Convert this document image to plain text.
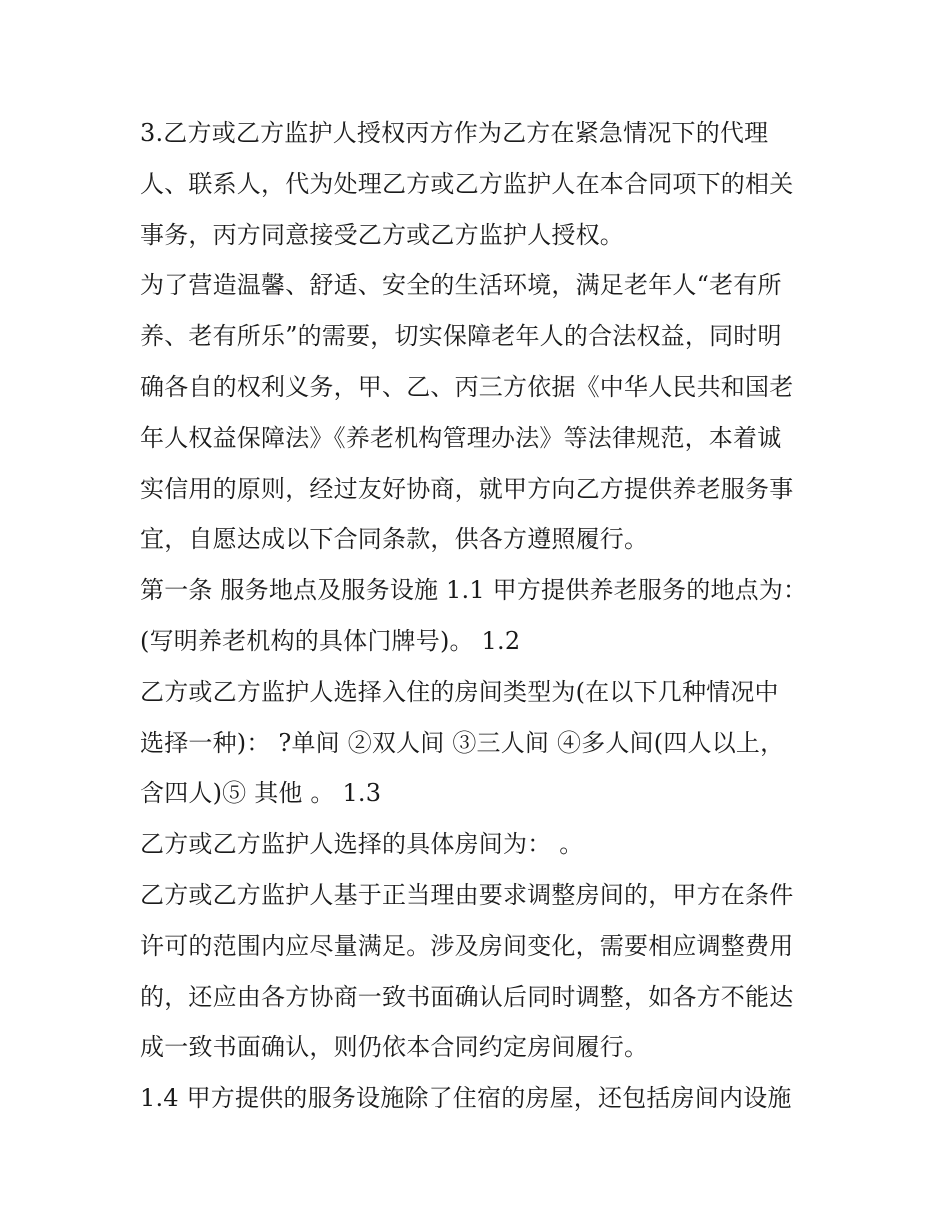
3.乙方或乙方监护人授权丙方作为乙方在紧急情况下的代理
人、联系人，代为处理乙方或乙方监护人在本合同项下的相关
事务，丙方同意接受乙方或乙方监护人授权。
为了营造温馨、舒适、安全的生活环境，满足老年人“老有所
养、老有所乐”的需要，切实保障老年人的合法权益，同时明
确各自的权利义务，甲、乙、丙三方依据《中华人民共和国老
年人权益保障法》《养老机构管理办法》等法律规范，本着诚
实信用的原则，经过友好协商，就甲方向乙方提供养老服务事
宜，自愿达成以下合同条款，供各方遵照履行。
第一条 服务地点及服务设施 1.1 甲方提供养老服务的地点为：
(写明养老机构的具体门牌号)。 1.2
乙方或乙方监护人选择入住的房间类型为(在以下几种情况中
选择一种)： ?单间 ②双人间 ③三人间 ④多人间(四人以上，
含四人)⑤ 其他 。 1.3
乙方或乙方监护人选择的具体房间为： 。
乙方或乙方监护人基于正当理由要求调整房间的，甲方在条件
许可的范围内应尽量满足。涉及房间变化，需要相应调整费用
的，还应由各方协商一致书面确认后同时调整，如各方不能达
成一致书面确认，则仍依本合同约定房间履行。
1.4 甲方提供的服务设施除了住宿的房屋，还包括房间内设施
